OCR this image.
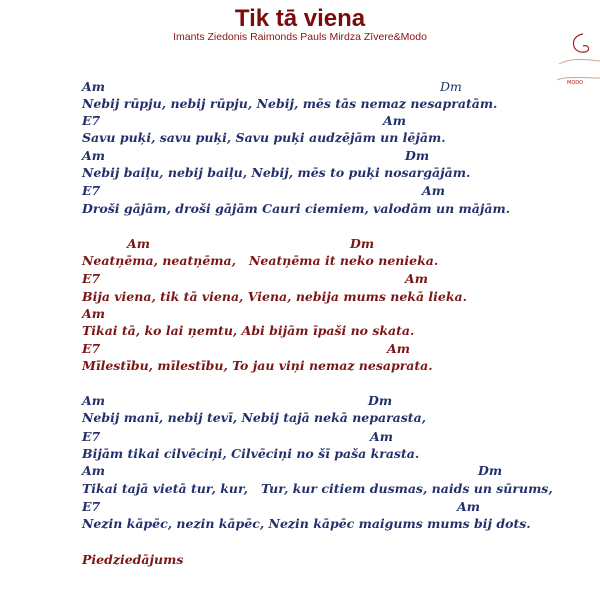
Tik tā viena
Imants Ziedonis Raimonds Pauls Mirdza Zīvere&Modo
MODO
Am	Dm
Nebij rūpju, nebij rūpju, Nebij, mēs tās nemaz nesapratām.
E7	Am
Savu puķi, savu puķi, Savu puķi audzējām un lējām.
Am	Dm
Nebij baiļu, nebij baiļu, Nebij, mēs to puķi nosargājām.
E7	Am
Droši gājām, droši gājām Cauri ciemiem, valodām un mājām.
Am	Dm
Neatņēma, neatņēma,   Neatņēma it neko nenieka.
E7	Am
Bija viena, tik tā viena, Viena, nebija mums nekā lieka.
Am
Tikai tā, ko lai ņemtu, Abi bijām īpaši no skata.
E7	Am
Mīlestību, mīlestību, To jau viņi nemaz nesaprata.
Am	Dm
Nebij manī, nebij tevī, Nebij tajā nekā neparasta,
E7	Am
Bijām tikai cilvēciņi, Cilvēciņi no šī paša krasta.
Am	Dm
Tikai tajā vietā tur, kur,   Tur, kur citiem dusmas, naids un sūrums,
E7	Am
Nezin kāpēc, nezin kāpēc, Nezin kāpēc maigums mums bij dots.
Piedziedājums
